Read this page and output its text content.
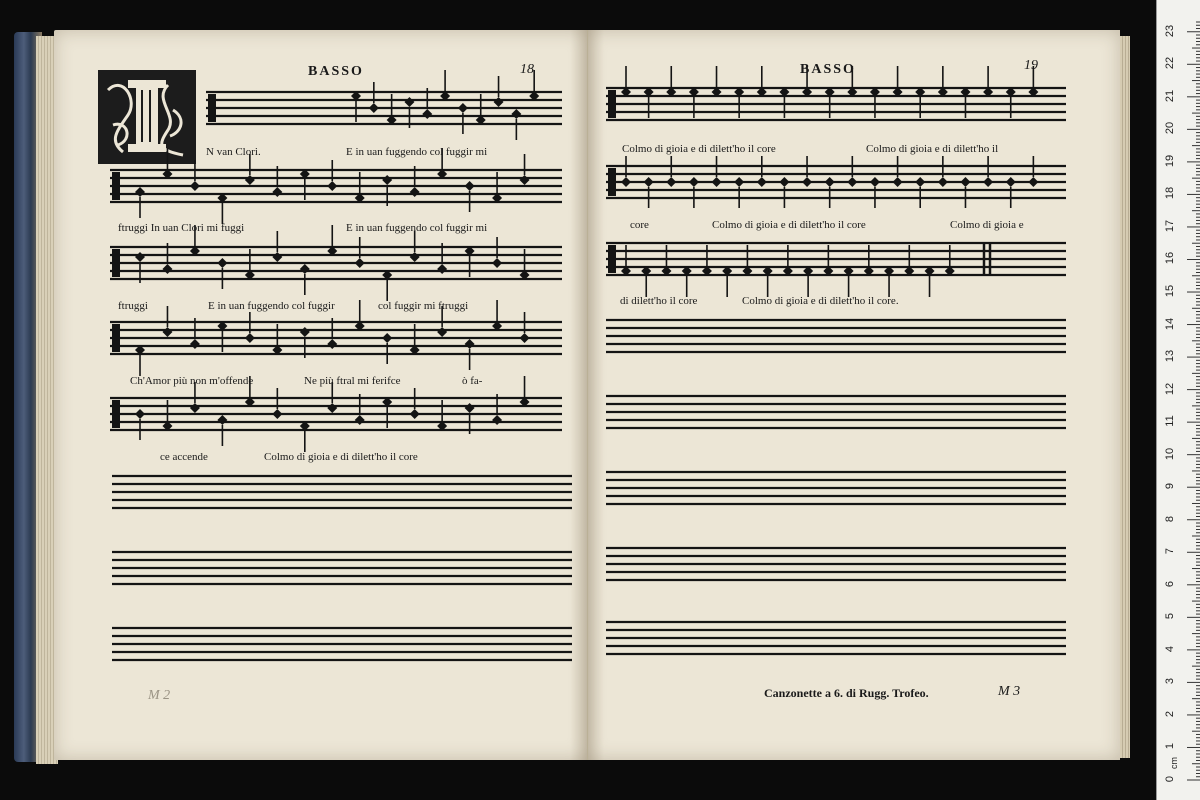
BASSO	18	BASSO	19
N van Clori.	E in uan fuggendo col fuggir mi
ftruggi In uan Clori mi fuggi	E in uan fuggendo col fuggir mi
ftruggi	E in uan fuggendo col fuggir	col fuggir mi ftruggi
Ch'Amor più non m'offende	Ne più ftral mi ferifce	ò fa-
ce accende	Colmo di gioia e di dilett'ho il core
M 2
Colmo di gioia e di dilett'ho il core	Colmo di gioia e di dilett'ho il
core	Colmo di gioia e di dilett'ho il core	Colmo di gioia e
di dilett'ho il core	Colmo di gioia e di dilett'ho il core.
Canzonette a 6. di Rugg. Trofeo.	M 3
cm
0
1
2
3
4
5
6
7
8
9
10
11
12
13
14
15
16
17
18
19
20
21
22
23
